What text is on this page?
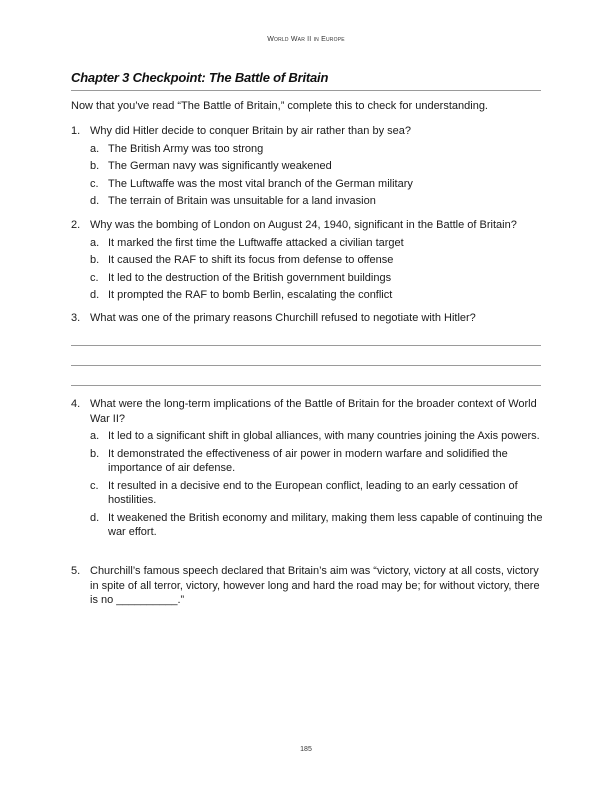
World War II in Europe
Chapter 3 Checkpoint: The Battle of Britain
Now that you’ve read “The Battle of Britain,” complete this to check for understanding.
1. Why did Hitler decide to conquer Britain by air rather than by sea?
a. The British Army was too strong
b. The German navy was significantly weakened
c. The Luftwaffe was the most vital branch of the German military
d. The terrain of Britain was unsuitable for a land invasion
2. Why was the bombing of London on August 24, 1940, significant in the Battle of Britain?
a. It marked the first time the Luftwaffe attacked a civilian target
b. It caused the RAF to shift its focus from defense to offense
c. It led to the destruction of the British government buildings
d. It prompted the RAF to bomb Berlin, escalating the conflict
3. What was one of the primary reasons Churchill refused to negotiate with Hitler?
4. What were the long-term implications of the Battle of Britain for the broader context of World War II?
a. It led to a significant shift in global alliances, with many countries joining the Axis powers.
b. It demonstrated the effectiveness of air power in modern warfare and solidified the importance of air defense.
c. It resulted in a decisive end to the European conflict, leading to an early cessation of hostilities.
d. It weakened the British economy and military, making them less capable of continuing the war effort.
5. Churchill’s famous speech declared that Britain’s aim was “victory, victory at all costs, victory in spite of all terror, victory, however long and hard the road may be; for without victory, there is no __________.”
185
